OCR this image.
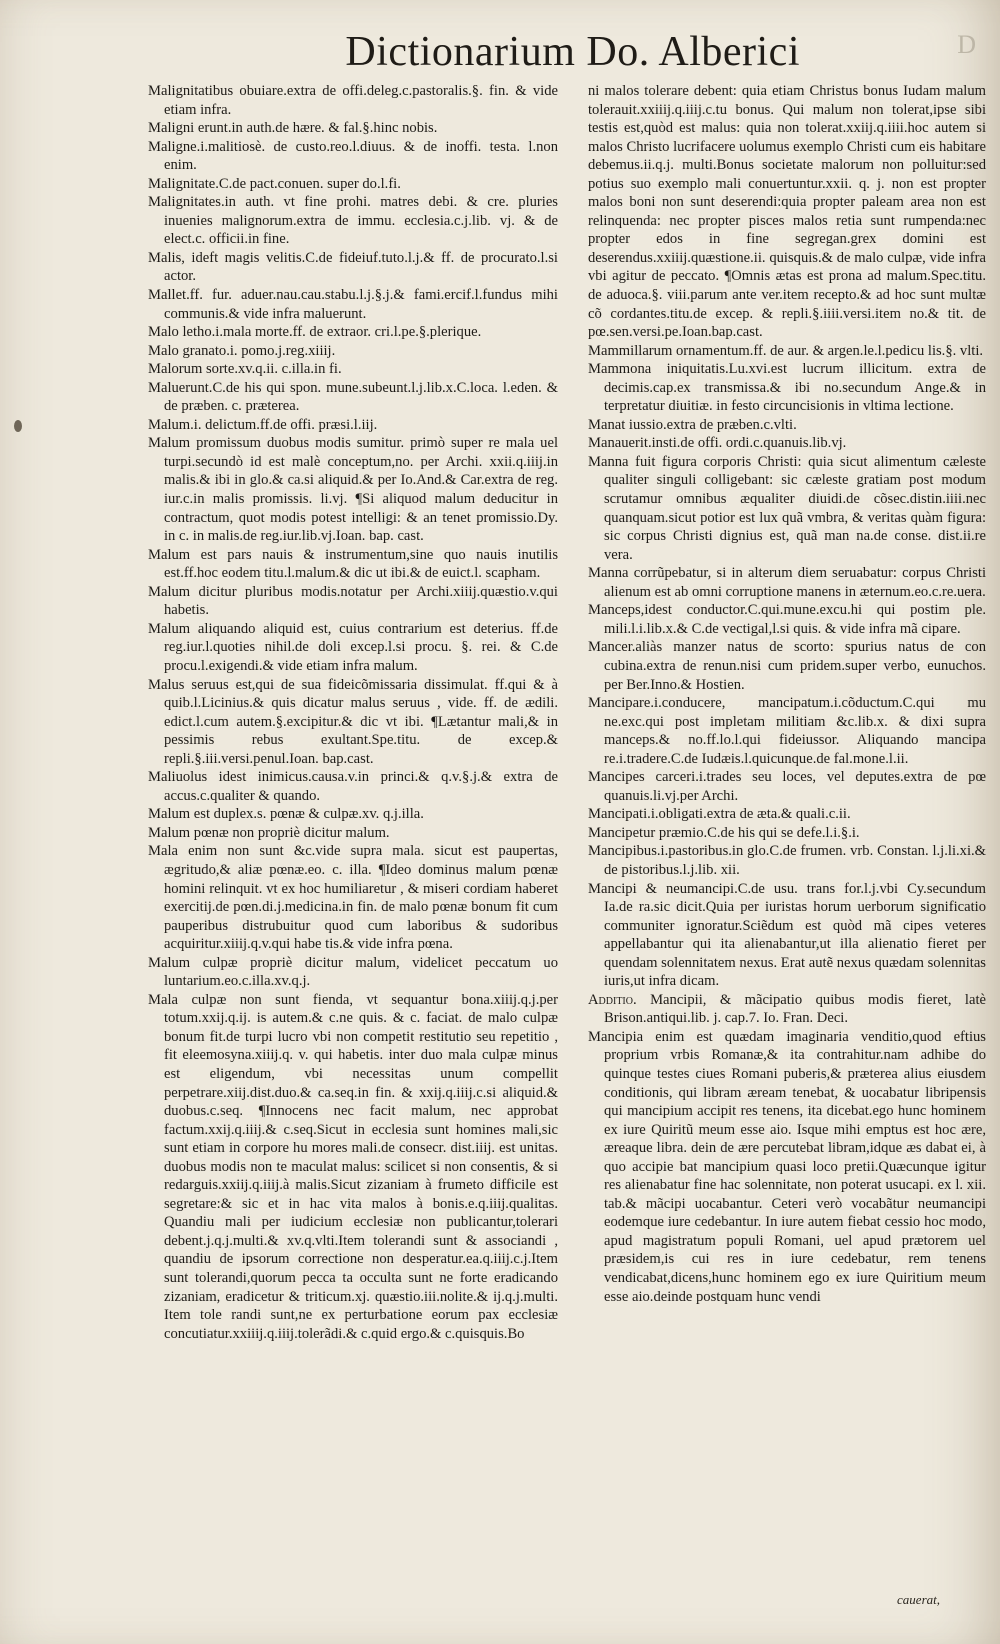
D
Dictionarium Do. Alberici

Malignitatibus obuiare.extra de offi.deleg.c.pastoralis.§. fin. & vide etiam infra.

Maligni erunt.in auth.de hære. & fal.§.hinc nobis.

Maligne.i.malitiosè. de custo.reo.l.diuus. & de inoffi. testa. l.non enim.

Malignitate.C.de pact.conuen. super do.l.fi.

Malignitates.in auth. vt fine prohi. matres debi. & cre. pluries inuenies malignorum.extra de immu. ecclesia.c.j.lib. vj. & de elect.c. officii.in fine.

Malis, ideft magis velitis.C.de fideiuf.tuto.l.j.& ff. de procurato.l.si actor.

Mallet.ff. fur. aduer.nau.cau.stabu.l.j.§.j.& fami.ercif.l.fundus mihi communis.& vide infra maluerunt.

Malo letho.i.mala morte.ff. de extraor. cri.l.pe.§.plerique.

Malo granato.i. pomo.j.reg.xiiij.

Malorum sorte.xv.q.ii. c.illa.in fi.

Maluerunt.C.de his qui spon. mune.subeunt.l.j.lib.x.C.loca. l.eden. & de præben. c. præterea.

Malum.i. delictum.ff.de offi. præsi.l.iij.

Malum promissum duobus modis sumitur. primò super re mala uel turpi.secundò id est malè conceptum,no. per Archi. xxii.q.iiij.in malis.& ibi in glo.& ca.si aliquid.& per Io.And.& Car.extra de reg. iur.c.in malis promissis. li.vj. ¶Si aliquod malum deducitur in contractum, quot modis potest intelligi: & an tenet promissio.Dy. in c. in malis.de reg.iur.lib.vj.Ioan. bap. cast.

Malum est pars nauis & instrumentum,sine quo nauis inutilis est.ff.hoc eodem titu.l.malum.& dic ut ibi.& de euict.l. scapham.

Malum dicitur pluribus modis.notatur per Archi.xiiij.quæstio.v.qui habetis.

Malum aliquando aliquid est, cuius contrarium est deterius. ff.de reg.iur.l.quoties nihil.de doli excep.l.si procu. §. rei. & C.de procu.l.exigendi.& vide etiam infra malum.

Malus seruus est,qui de sua fideicõmissaria dissimulat. ff.qui & à quib.l.Licinius.& quis dicatur malus seruus , vide. ff. de ædili. edict.l.cum autem.§.excipitur.& dic vt ibi. ¶Lætantur mali,& in pessimis rebus exultant.Spe.titu. de excep.& repli.§.iii.versi.penul.Ioan. bap.cast.

Maliuolus idest inimicus.causa.v.in princi.& q.v.§.j.& extra de accus.c.qualiter & quando.

Malum est duplex.s. pœnæ & culpæ.xv. q.j.illa.

Malum pœnæ non propriè dicitur malum.

Mala enim non sunt &c.vide supra mala. sicut est paupertas, ægritudo,& aliæ pœnæ.eo. c. illa. ¶Ideo dominus malum pœnæ homini relinquit. vt ex hoc humiliaretur , & miseri cordiam haberet exercitij.de pœn.di.j.medicina.in fin. de malo pœnæ bonum fit cum pauperibus distrubuitur quod cum laboribus & sudoribus acquiritur.xiiij.q.v.qui habe tis.& vide infra pœna.

Malum culpæ propriè dicitur malum, videlicet peccatum uo luntarium.eo.c.illa.xv.q.j.

Mala culpæ non sunt fienda, vt sequantur bona.xiiij.q.j.per totum.xxij.q.ij. is autem.& c.ne quis. & c. faciat. de malo culpæ bonum fit.de turpi lucro vbi non competit restitutio seu repetitio , fit eleemosyna.xiiij.q. v. qui habetis. inter duo mala culpæ minus est eligendum, vbi necessitas unum compellit perpetrare.xiij.dist.duo.& ca.seq.in fin. & xxij.q.iiij.c.si aliquid.& duobus.c.seq. ¶Innocens nec facit malum, nec approbat factum.xxij.q.iiij.& c.seq.Sicut in ecclesia sunt homines mali,sic sunt etiam in corpore hu mores mali.de consecr. dist.iiij. est unitas. duobus modis non te maculat malus: scilicet si non consentis, & si redarguis.xxiij.q.iiij.à malis.Sicut zizaniam à frumeto difficile est segretare:& sic et in hac vita malos à bonis.e.q.iiij.qualitas. Quandiu mali per iudicium ecclesiæ non publicantur,tolerari debent.j.q.j.multi.& xv.q.vlti.Item tolerandi sunt & associandi , quandiu de ipsorum correctione non desperatur.ea.q.iiij.c.j.Item sunt tolerandi,quorum pecca ta occulta sunt ne forte eradicando zizaniam, eradicetur & triticum.xj. quæstio.iii.nolite.& ij.q.j.multi. Item tole randi sunt,ne ex perturbatione eorum pax ecclesiæ concutiatur.xxiiij.q.iiij.tolerãdi.& c.quid ergo.& c.quisquis.Bo

ni malos tolerare debent: quia etiam Christus bonus Iudam malum tolerauit.xxiiij.q.iiij.c.tu bonus. Qui malum non tolerat,ipse sibi testis est,quòd est malus: quia non tolerat.xxiij.q.iiii.hoc autem si malos Christo lucrifacere uolumus exemplo Christi cum eis habitare debemus.ii.q.j. multi.Bonus societate malorum non polluitur:sed potius suo exemplo mali conuertuntur.xxii. q. j. non est propter malos boni non sunt deserendi:quia propter paleam area non est relinquenda: nec propter pisces malos retia sunt rumpenda:nec propter edos in fine segregan.grex domini est deserendus.xxiiij.quæstione.ii. quisquis.& de malo culpæ, vide infra vbi agitur de peccato. ¶Omnis ætas est prona ad malum.Spec.titu. de aduoca.§. viii.parum ante ver.item recepto.& ad hoc sunt multæ cõ cordantes.titu.de excep. & repli.§.iiii.versi.item no.& tit. de pœ.sen.versi.pe.Ioan.bap.cast.

Mammillarum ornamentum.ff. de aur. & argen.le.l.pedicu lis.§. vlti.

Mammona iniquitatis.Lu.xvi.est lucrum illicitum. extra de decimis.cap.ex transmissa.& ibi no.secundum Ange.& in terpretatur diuitiæ. in festo circuncisionis in vltima lectione.

Manat iussio.extra de præben.c.vlti.

Manauerit.insti.de offi. ordi.c.quanuis.lib.vj.

Manna fuit figura corporis Christi: quia sicut alimentum cæleste qualiter singuli colligebant: sic cæleste gratiam post modum scrutamur omnibus æqualiter diuidi.de cõsec.distin.iiii.nec quanquam.sicut potior est lux quã vmbra, & veritas quàm figura: sic corpus Christi dignius est, quã man na.de conse. dist.ii.re vera.

Manna corrũpebatur, si in alterum diem seruabatur: corpus Christi alienum est ab omni corruptione manens in æternum.eo.c.re.uera.

Manceps,idest conductor.C.qui.mune.excu.hi qui postim ple. mili.l.i.lib.x.& C.de vectigal,l.si quis. & vide infra mã cipare.

Mancer.aliàs manzer natus de scorto: spurius natus de con cubina.extra de renun.nisi cum pridem.super verbo, eunuchos. per Ber.Inno.& Hostien.

Mancipare.i.conducere, mancipatum.i.cõductum.C.qui mu ne.exc.qui post impletam militiam &c.lib.x. & dixi supra manceps.& no.ff.lo.l.qui fideiussor. Aliquando mancipa re.i.tradere.C.de Iudæis.l.quicunque.de fal.mone.l.ii.

Mancipes carceri.i.trades seu loces, vel deputes.extra de pœ quanuis.li.vj.per Archi.

Mancipati.i.obligati.extra de æta.& quali.c.ii.

Mancipetur præmio.C.de his qui se defe.l.i.§.i.

Mancipibus.i.pastoribus.in glo.C.de frumen. vrb. Constan. l.j.li.xi.& de pistoribus.l.j.lib. xii.

Mancipi & neumancipi.C.de usu. trans for.l.j.vbi Cy.secundum Ia.de ra.sic dicit.Quia per iuristas horum uerborum significatio communiter ignoratur.Sciẽdum est quòd mã cipes veteres appellabantur qui ita alienabantur,ut illa alienatio fieret per quendam solennitatem nexus. Erat autẽ nexus quædam solennitas iuris,ut infra dicam.

Additio. Mancipii, & mãcipatio quibus modis fieret, latè Brison.antiqui.lib. j. cap.7. Io. Fran. Deci.

Mancipia enim est quædam imaginaria venditio,quod eftius proprium vrbis Romanæ,& ita contrahitur.nam adhibe do quinque testes ciues Romani puberis,& præterea alius eiusdem conditionis, qui libram æream tenebat, & uocabatur libripensis qui mancipium accipit res tenens, ita dicebat.ego hunc hominem ex iure Quiritũ meum esse aio. Isque mihi emptus est hoc ære, æreaque libra. dein de ære percutebat libram,idque æs dabat ei, à quo accipie bat mancipium quasi loco pretii.Quæcunque igitur res alienabatur fine hac solennitate, non poterat usucapi. ex l. xii. tab.& mãcipi uocabantur. Ceteri verò vocabãtur neumancipi eodemque iure cedebantur. In iure autem fiebat cessio hoc modo, apud magistratum populi Romani, uel apud prætorem uel præsidem,is cui res in iure cedebatur, rem tenens vendicabat,dicens,hunc hominem ego ex iure Quiritium meum esse aio.deinde postquam hunc vendi

cauerat,
